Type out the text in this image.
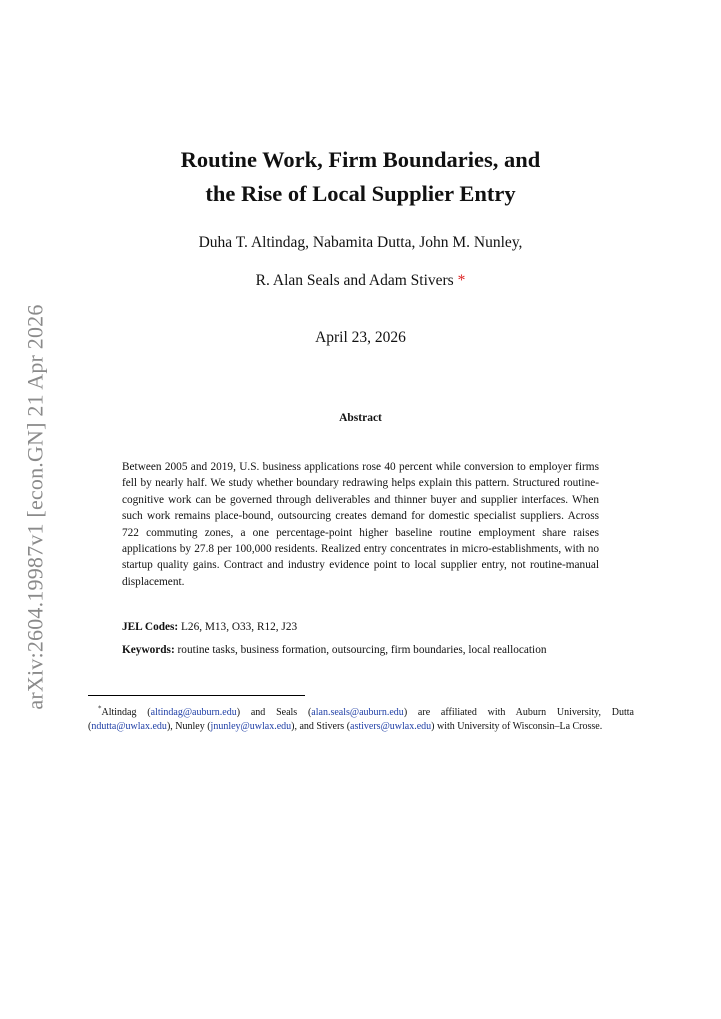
arXiv:2604.19987v1 [econ.GN] 21 Apr 2026
Routine Work, Firm Boundaries, and
the Rise of Local Supplier Entry
Duha T. Altindag, Nabamita Dutta, John M. Nunley,
R. Alan Seals and Adam Stivers *
April 23, 2026
Abstract
Between 2005 and 2019, U.S. business applications rose 40 percent while conversion to employer firms fell by nearly half. We study whether boundary redrawing helps explain this pattern. Structured routine-cognitive work can be governed through deliverables and thinner buyer and supplier interfaces. When such work remains place-bound, outsourcing creates demand for domestic specialist suppliers. Across 722 commuting zones, a one percentage-point higher baseline routine employment share raises applications by 27.8 per 100,000 residents. Realized entry concentrates in micro-establishments, with no startup quality gains. Contract and industry evidence point to local supplier entry, not routine-manual displacement.
JEL Codes: L26, M13, O33, R12, J23
Keywords: routine tasks, business formation, outsourcing, firm boundaries, local reallocation
*Altindag (altindag@auburn.edu) and Seals (alan.seals@auburn.edu) are affiliated with Auburn University, Dutta (ndutta@uwlax.edu), Nunley (jnunley@uwlax.edu), and Stivers (astivers@uwlax.edu) with University of Wisconsin–La Crosse.
